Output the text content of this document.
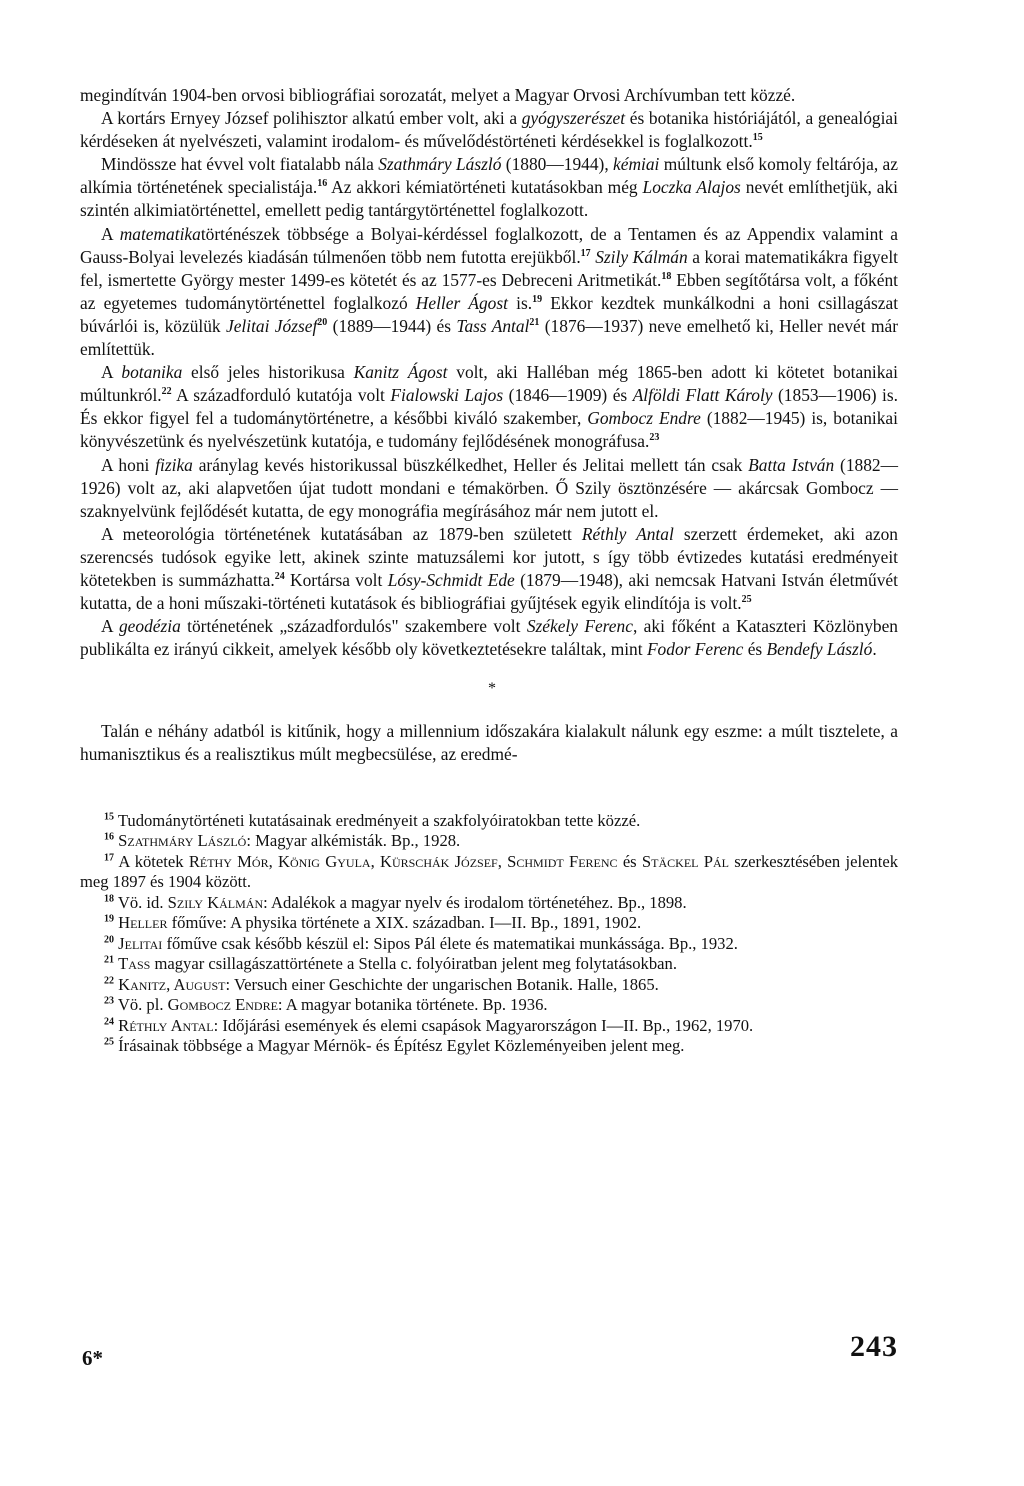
megindítván 1904-ben orvosi bibliográfiai sorozatát, melyet a Magyar Orvosi Archívumban tett közzé.

A kortárs Ernyey József polihisztor alkatú ember volt, aki a gyógyszerészet és botanika históriájától, a genealógiai kérdéseken át nyelvészeti, valamint irodalom- és művelődéstörténeti kérdésekkel is foglalkozott.$^{15}$

Mindössze hat évvel volt fiatalabb nála Szathmáry László (1880—1944), kémiai múltunk első komoly feltárója, az alkímia történetének specialistája.$^{16}$ Az akkori kémiatörténeti kutatásokban még Loczka Alajos nevét említhetjük, aki szintén alkimiatörténettel, emellett pedig tantárgytörténettel foglalkozott.

A matematikatörténészek többsége a Bolyai-kérdéssel foglalkozott, de a Tentamen és az Appendix valamint a Gauss-Bolyai levelezés kiadásán túlmenően több nem futotta erejükből.$^{17}$ Szily Kálmán a korai matematikákra figyelt fel, ismertette György mester 1499-es kötetét és az 1577-es Debreceni Aritmetikát.$^{18}$ Ebben segítőtársa volt, a főként az egyetemes tudománytörténettel foglalkozó Heller Ágost is.$^{19}$ Ekkor kezdtek munkálkodni a honi csillagászat búvárlói is, közülük Jelitai József$^{20}$ (1889—1944) és Tass Antal$^{21}$ (1876—1937) neve emelhető ki, Heller nevét már említettük.

A botanika első jeles historikusa Kanitz Ágost volt, aki Halléban még 1865-ben adott ki kötetet botanikai múltunkról.$^{22}$ A századforduló kutatója volt Fialowski Lajos (1846—1909) és Alföldi Flatt Károly (1853—1906) is. És ekkor figyel fel a tudománytörténetre, a későbbi kiváló szakember, Gombocz Endre (1882—1945) is, botanikai könyvészetünk és nyelvészetünk kutatója, e tudomány fejlődésének monográfusa.$^{23}$

A honi fizika aránylag kevés historikussal büszkélkedhet, Heller és Jelitai mellett tán csak Batta István (1882—1926) volt az, aki alapvetően újat tudott mondani e témakörben. Ő Szily ösztönzésére — akárcsak Gombocz — szaknyelvünk fejlődését kutatta, de egy monográfia megírásához már nem jutott el.

A meteorológia történetének kutatásában az 1879-ben született Réthly Antal szerzett érdemeket, aki azon szerencsés tudósok egyike lett, akinek szinte matuzsálemi kor jutott, s így több évtizedes kutatási eredményeit kötetekben is summázhatta.$^{24}$ Kortársa volt Lósy-Schmidt Ede (1879—1948), aki nemcsak Hatvani István életművét kutatta, de a honi műszaki-történeti kutatások és bibliográfiai gyűjtések egyik elindítója is volt.$^{25}$

A geodézia történetének „századfordulós" szakembere volt Székely Ferenc, aki főként a Kataszteri Közlönyben publikálta ez irányú cikkeit, amelyek később oly következtetésekre találtak, mint Fodor Ferenc és Bendefy László.

*

Talán e néhány adatból is kitűnik, hogy a millennium időszakára kialakult nálunk egy eszme: a múlt tisztelete, a humanisztikus és a realisztikus múlt megbecsülése, az eredmé-

$^{15}$ Tudománytörténeti kutatásainak eredményeit a szakfolyóiratokban tette közzé.

$^{16}$ Szathmáry László: Magyar alkémisták. Bp., 1928.

$^{17}$ A kötetek Réthy Mór, König Gyula, Kürschák József, Schmidt Ferenc és Stäckel Pál szerkesztésében jelentek meg 1897 és 1904 között.

$^{18}$ Vö. id. Szily Kálmán: Adalékok a magyar nyelv és irodalom történetéhez. Bp., 1898.

$^{19}$ Heller főműve: A physika története a XIX. században. I—II. Bp., 1891, 1902.

$^{20}$ Jelitai főműve csak később készül el: Sipos Pál élete és matematikai munkássága. Bp., 1932.

$^{21}$ Tass magyar csillagászattörténete a Stella c. folyóiratban jelent meg folytatásokban.

$^{22}$ Kanitz, August: Versuch einer Geschichte der ungarischen Botanik. Halle, 1865.

$^{23}$ Vö. pl. Gombocz Endre: A magyar botanika története. Bp. 1936.

$^{24}$ Réthly Antal: Időjárási események és elemi csapások Magyarországon I—II. Bp., 1962, 1970.

$^{25}$ Írásainak többsége a Magyar Mérnök- és Építész Egylet Közleményeiben jelent meg.

6*	243
